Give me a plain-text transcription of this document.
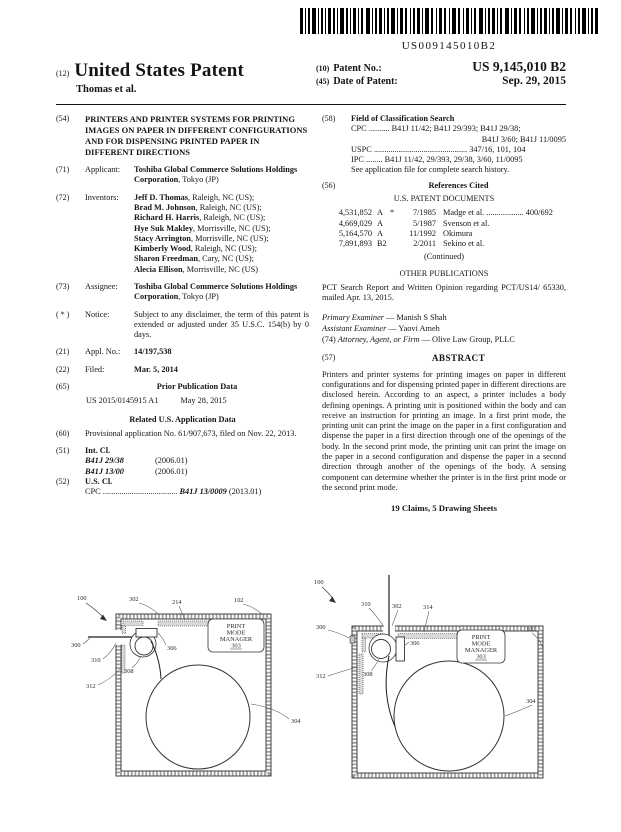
US009145010B2
(12) United States Patent
Thomas et al.
(10) Patent No.:	US 9,145,010 B2
(45) Date of Patent:	Sep. 29, 2015
(54)	PRINTERS AND PRINTER SYSTEMS FOR PRINTING IMAGES ON PAPER IN DIFFERENT CONFIGURATIONS AND FOR DISPENSING PRINTED PAPER IN DIFFERENT DIRECTIONS
(71)	Applicant:	Toshiba Global Commerce Solutions Holdings Corporation, Tokyo (JP)
(72)	Inventors:	Jeff D. Thomas, Raleigh, NC (US);
Brad M. Johnson, Raleigh, NC (US);
Richard H. Harris, Raleigh, NC (US);
Hye Suk Makley, Morrisville, NC (US);
Stacy Arrington, Morrisville, NC (US);
Kimberly Wood, Raleigh, NC (US);
Sharon Freedman, Cary, NC (US);
Alecia Ellison, Morrisville, NC (US)
(73)	Assignee:	Toshiba Global Commerce Solutions Holdings Corporation, Tokyo (JP)
( * )	Notice:	Subject to any disclaimer, the term of this patent is extended or adjusted under 35 U.S.C. 154(b) by 0 days.
(21)	Appl. No.:	14/197,538
(22)	Filed:	Mar. 5, 2014
(65)	Prior Publication Data
US 2015/0145915 A1	May 28, 2015
Related U.S. Application Data
(60)	Provisional application No. 61/907,673, filed on Nov. 22, 2013.
(51)	Int. Cl.
B41J 29/38	(2006.01)
B41J 13/00	(2006.01)
(52)	U.S. Cl.
CPC .................................... B41J 13/0009 (2013.01)
(58)	Field of Classification Search
CPC .......... B41J 11/42; B41J 29/393; B41J 29/38;
B41J 3/60; B41J 11/0095
USPC ............................................. 347/16, 101, 104
IPC ........ B41J 11/42, 29/393, 29/38, 3/60, 11/0095
See application file for complete search history.
(56)	References Cited
U.S. PATENT DOCUMENTS
4,531,852 A *	7/1985 Madge et al. .................. 400/692
4,669,029 A	5/1987 Svenson et al.
5,164,570 A	11/1992 Okimura
7,891,893 B2	2/2011 Sekino et al.
(Continued)
OTHER PUBLICATIONS
PCT Search Report and Written Opinion regarding PCT/US14/ 65330, mailed Apr. 13, 2015.

Primary Examiner — Manish S Shah

Assistant Examiner — Yaovi Ameh

(74) Attorney, Agent, or Firm — Olive Law Group, PLLC

(57)	ABSTRACT
Printers and printer systems for printing images on paper in different configurations and for dispensing printed paper in different directions are disclosed herein. According to an aspect, a printer includes a body defining openings. A printing unit is positioned within the body and can receive an instruction for printing an image. In a first print mode, the printing unit can print the image on the paper in a first configuration and dispense the paper in a first direction through one of the openings of the body. In the second print mode, the printing unit can print the image on the paper in a second configuration and dispense the paper in a second direction through another of the openings of the body. A sensing component can determine whether the printer is in the first print mode or the second print mode.
19 Claims, 5 Drawing Sheets
PRINT
MODE
MANAGER
303
100	302	214	102
300
310
308
312
306
304
PRINT
MODE
MANAGER
303
100
310	302	314
300
312
306
308
102
304
